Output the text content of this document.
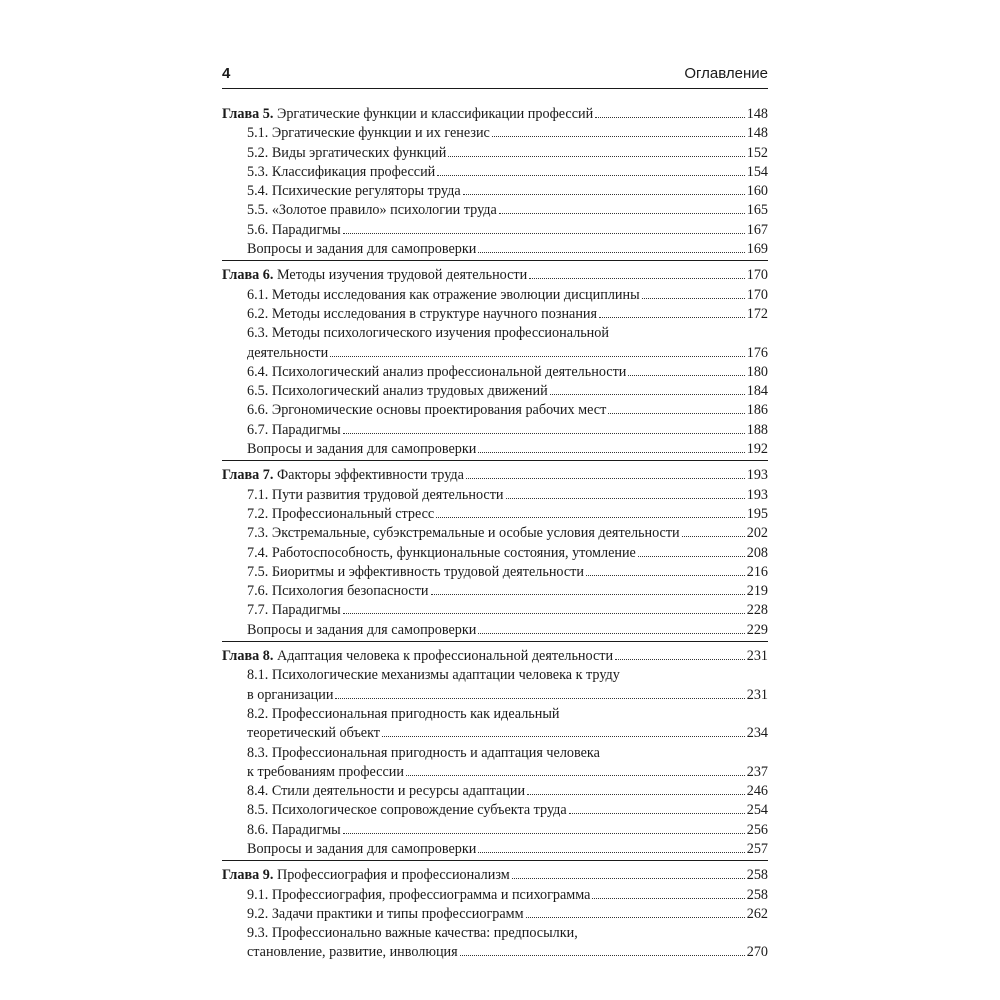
4	Оглавление
Глава 5. Эргатические функции и классификации профессий	148
5.1. Эргатические функции и их генезис	148
5.2. Виды эргатических функций	152
5.3. Классификация профессий	154
5.4. Психические регуляторы труда	160
5.5. «Золотое правило» психологии труда	165
5.6. Парадигмы	167
Вопросы и задания для самопроверки	169
Глава 6. Методы изучения трудовой деятельности	170
6.1. Методы исследования как отражение эволюции дисциплины	170
6.2. Методы исследования в структуре научного познания	172
6.3. Методы психологического изучения профессиональной
деятельности	176
6.4. Психологический анализ профессиональной деятельности	180
6.5. Психологический анализ трудовых движений	184
6.6. Эргономические основы проектирования рабочих мест	186
6.7. Парадигмы	188
Вопросы и задания для самопроверки	192
Глава 7. Факторы эффективности труда	193
7.1. Пути развития трудовой деятельности	193
7.2. Профессиональный стресс	195
7.3. Экстремальные, субэкстремальные и особые условия деятельности	202
7.4. Работоспособность, функциональные состояния, утомление	208
7.5. Биоритмы и эффективность трудовой деятельности	216
7.6. Психология безопасности	219
7.7. Парадигмы	228
Вопросы и задания для самопроверки	229
Глава 8. Адаптация человека к профессиональной деятельности	231
8.1. Психологические механизмы адаптации человека к труду
в организации	231
8.2. Профессиональная пригодность как идеальный
теоретический объект	234
8.3. Профессиональная пригодность и адаптация человека
к требованиям профессии	237
8.4. Стили деятельности и ресурсы адаптации	246
8.5. Психологическое сопровождение субъекта труда	254
8.6. Парадигмы	256
Вопросы и задания для самопроверки	257
Глава 9. Профессиография и профессионализм	258
9.1. Профессиография, профессиограмма и психограмма	258
9.2. Задачи практики и типы профессиограмм	262
9.3. Профессионально важные качества: предпосылки,
становление, развитие, инволюция	270
